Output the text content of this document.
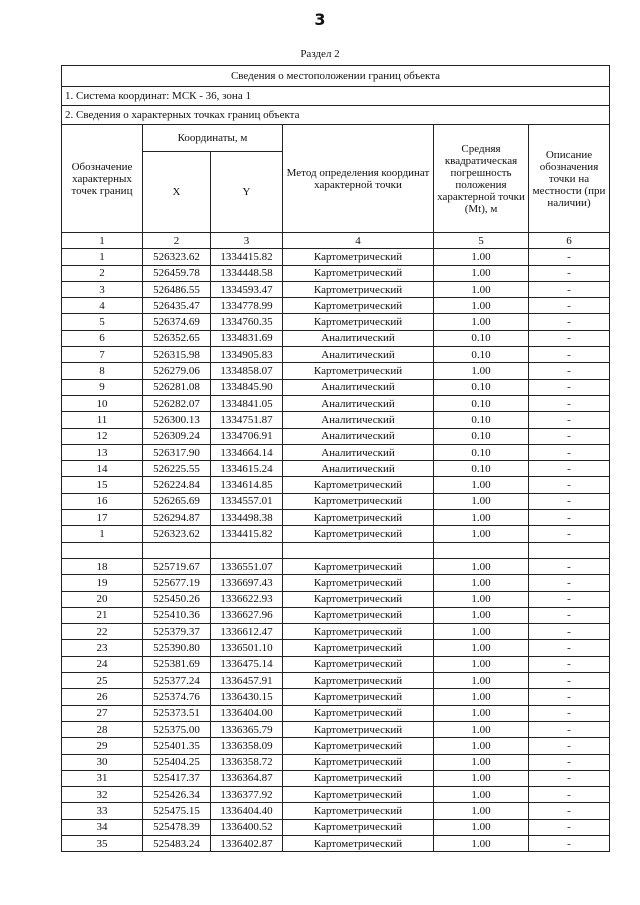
3
Раздел 2
Сведения о местоположении границ объекта					
1. Система координат: МСК - 36, зона 1					
2. Сведения о характерных точках границ объекта					
Обозначение характерных точек границ	Координаты, м		Метод определения координат характерной точки	Средняя квадратическая погрешность положения характерной точки (Mt), м	Описание обозначения точки на местности (при наличии)
	X	Y			
1	2	3	4	5	6
1	526323.62	1334415.82	Картометрический	1.00	-
2	526459.78	1334448.58	Картометрический	1.00	-
3	526486.55	1334593.47	Картометрический	1.00	-
4	526435.47	1334778.99	Картометрический	1.00	-
5	526374.69	1334760.35	Картометрический	1.00	-
6	526352.65	1334831.69	Аналитический	0.10	-
7	526315.98	1334905.83	Аналитический	0.10	-
8	526279.06	1334858.07	Картометрический	1.00	-
9	526281.08	1334845.90	Аналитический	0.10	-
10	526282.07	1334841.05	Аналитический	0.10	-
11	526300.13	1334751.87	Аналитический	0.10	-
12	526309.24	1334706.91	Аналитический	0.10	-
13	526317.90	1334664.14	Аналитический	0.10	-
14	526225.55	1334615.24	Аналитический	0.10	-
15	526224.84	1334614.85	Картометрический	1.00	-
16	526265.69	1334557.01	Картометрический	1.00	-
17	526294.87	1334498.38	Картометрический	1.00	-
1	526323.62	1334415.82	Картометрический	1.00	-

18	525719.67	1336551.07	Картометрический	1.00	-
19	525677.19	1336697.43	Картометрический	1.00	-
20	525450.26	1336622.93	Картометрический	1.00	-
21	525410.36	1336627.96	Картометрический	1.00	-
22	525379.37	1336612.47	Картометрический	1.00	-
23	525390.80	1336501.10	Картометрический	1.00	-
24	525381.69	1336475.14	Картометрический	1.00	-
25	525377.24	1336457.91	Картометрический	1.00	-
26	525374.76	1336430.15	Картометрический	1.00	-
27	525373.51	1336404.00	Картометрический	1.00	-
28	525375.00	1336365.79	Картометрический	1.00	-
29	525401.35	1336358.09	Картометрический	1.00	-
30	525404.25	1336358.72	Картометрический	1.00	-
31	525417.37	1336364.87	Картометрический	1.00	-
32	525426.34	1336377.92	Картометрический	1.00	-
33	525475.15	1336404.40	Картометрический	1.00	-
34	525478.39	1336400.52	Картометрический	1.00	-
35	525483.24	1336402.87	Картометрический	1.00	-
